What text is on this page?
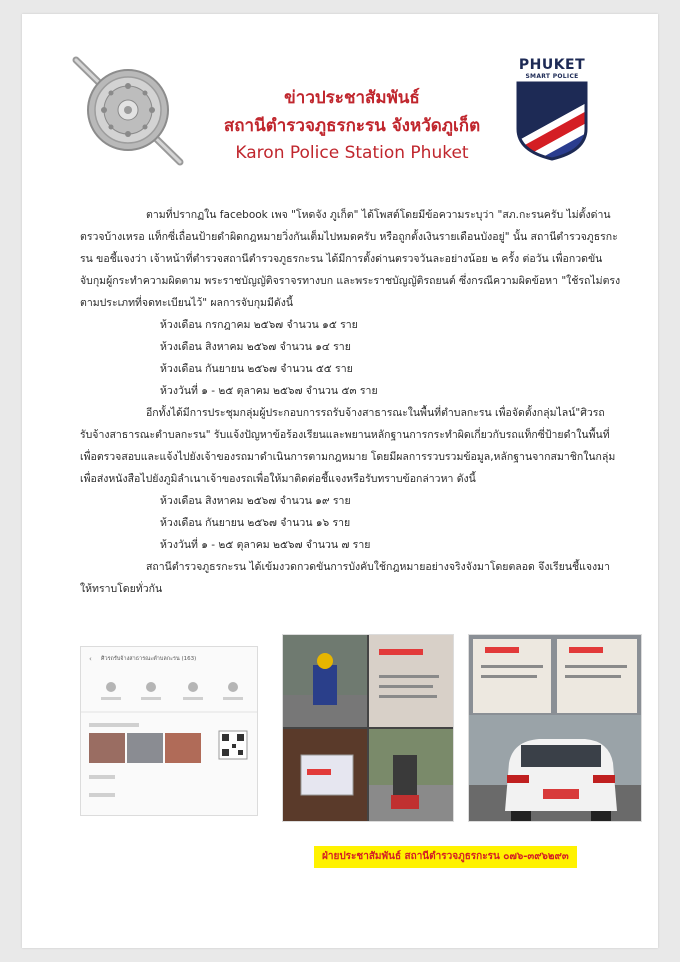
ข่าวประชาสัมพันธ์
สถานีตำรวจภูธรกะรน จังหวัดภูเก็ต
Karon Police Station Phuket
PHUKET
SMART POLICE

ตามที่ปรากฏใน facebook เพจ "โหดจัง ภูเก็ต" ได้โพสต์โดยมีข้อความระบุว่า "สภ.กะรนครับ ไม่ตั้งด่านตรวจบ้างเหรอ แท็กซี่เถื่อนป้ายดำผิดกฎหมายวิ่งกันเต็มไปหมดครับ หรือถูกตั้งเงินรายเดือนบังอยู่" นั้น สถานีตำรวจภูธรกะรน ขอชี้แจงว่า เจ้าหน้าที่ตำรวจสถานีตำรวจภูธรกะรน ได้มีการตั้งด่านตรวจวันละอย่างน้อย ๒ ครั้ง ต่อวัน เพื่อกวดขันจับกุมผู้กระทำความผิดตาม พระราชบัญญัติจราจรทางบก และพระราชบัญญัติรถยนต์ ซึ่งกรณีความผิดข้อหา "ใช้รถไม่ตรงตามประเภทที่จดทะเบียนไว้" ผลการจับกุมมีดังนี้

ห้วงเดือน กรกฎาคม ๒๕๖๗ จำนวน ๑๕ ราย

ห้วงเดือน สิงหาคม ๒๕๖๗ จำนวน ๑๔ ราย

ห้วงเดือน กันยายน ๒๕๖๗ จำนวน ๕๕ ราย

ห้วงวันที่ ๑ - ๒๕ ตุลาคม ๒๕๖๗ จำนวน ๕๓ ราย

อีกทั้งได้มีการประชุมกลุ่มผู้ประกอบการรถรับจ้างสาธารณะในพื้นที่ตำบลกะรน เพื่อจัดตั้งกลุ่มไลน์"ศิวรถรับจ้างสาธารณะตำบลกะรน" รับแจ้งปัญหาข้อร้องเรียนและพยานหลักฐานการกระทำผิดเกี่ยวกับรถแท็กซี่ป้ายดำในพื้นที่ เพื่อตรวจสอบและแจ้งไปยังเจ้าของรถมาดำเนินการตามกฎหมาย โดยมีผลการรวบรวมข้อมูล,หลักฐานจากสมาชิกในกลุ่ม เพื่อส่งหนังสือไปยังภูมิลำเนาเจ้าของรถเพื่อให้มาติดต่อชี้แจงหรือรับทราบข้อกล่าวหา ดังนี้

ห้วงเดือน สิงหาคม ๒๕๖๗ จำนวน ๑๙ ราย

ห้วงเดือน กันยายน ๒๕๖๗ จำนวน ๑๖ ราย

ห้วงวันที่ ๑ - ๒๕ ตุลาคม ๒๕๖๗ จำนวน ๗ ราย

สถานีตำรวจภูธรกะรน ได้เข้มงวดกวดขันการบังคับใช้กฎหมายอย่างจริงจังมาโดยตลอด จึงเรียนชี้แจงมาให้ทราบโดยทั่วกัน

‹ ศิวรถรับจ้างสาธารณะตำบลกะรน (163)
ฝ่ายประชาสัมพันธ์ สถานีตำรวจภูธรกะรน ๐๗๖-๓๙๖๒๙๓
